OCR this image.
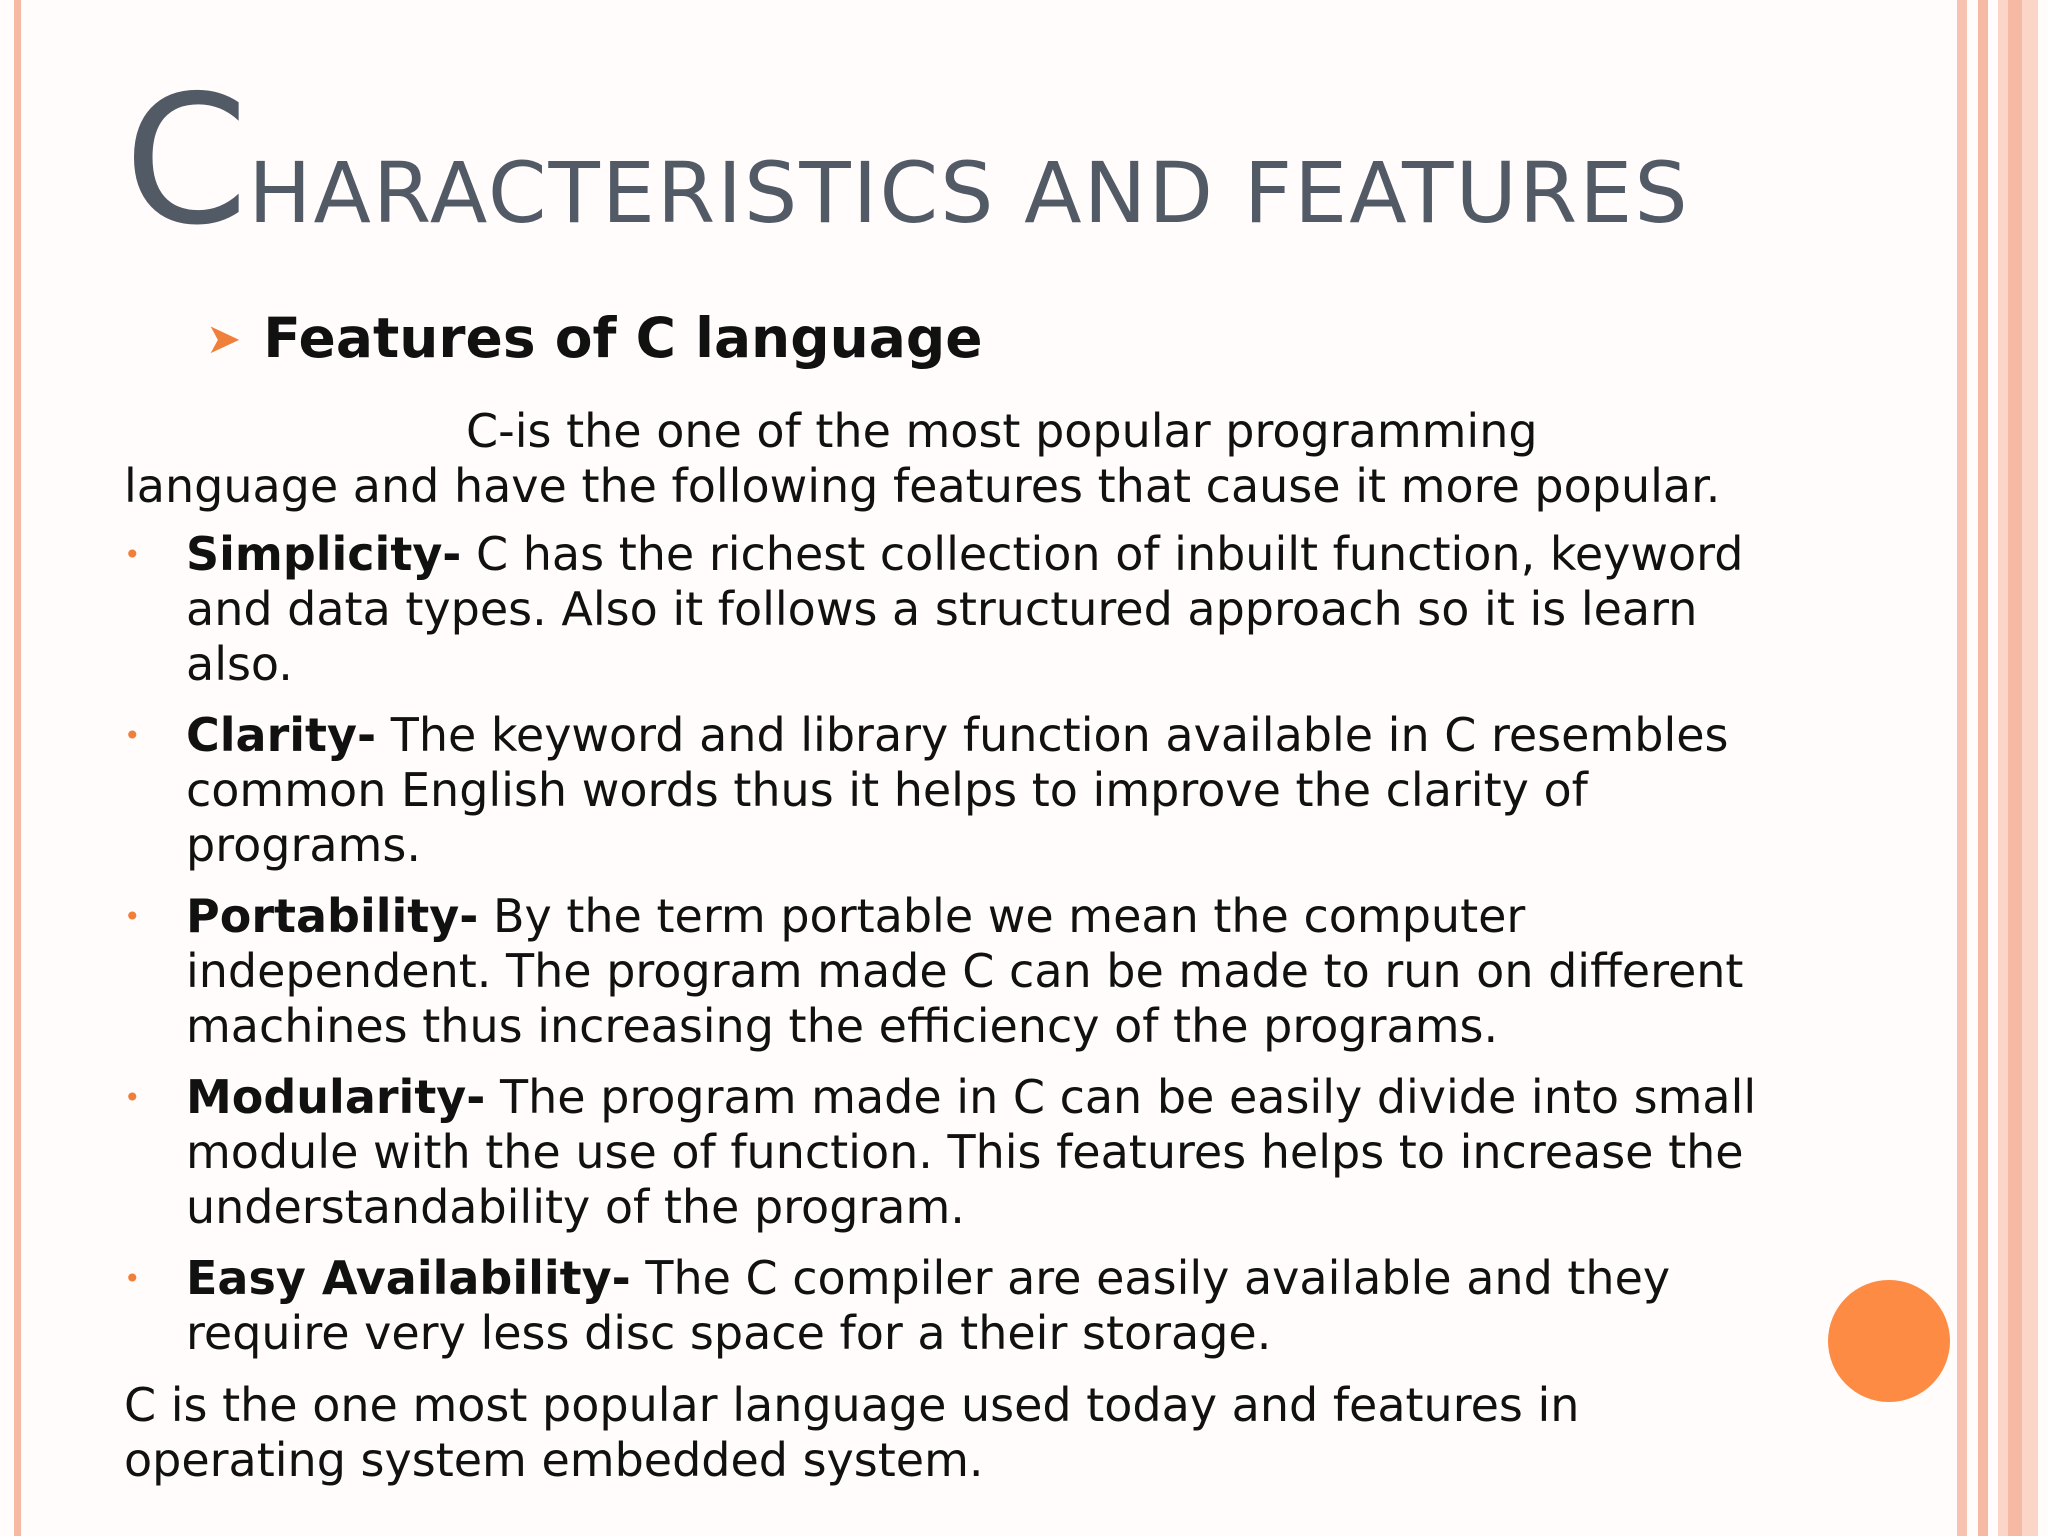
CHARACTERISTICS AND FEATURES
➤ Features of C language
C-is the one of the most popular programming language and have the following features that cause it more popular.
• Simplicity- C has the richest collection of inbuilt function, keyword and data types. Also it follows a structured approach so it is learn also.
• Clarity- The keyword and library function available in C resembles common English words thus it helps to improve the clarity of programs.
• Portability- By the term portable we mean the computer independent. The program made C can be made to run on different machines thus increasing the efficiency of the programs.
• Modularity- The program made in C can be easily divide into small module with the use of function. This features helps to increase the understandability of the program.
• Easy Availability- The C compiler are easily available and they require very less disc space for a their storage.
C is the one most popular language used today and features in operating system embedded system.
